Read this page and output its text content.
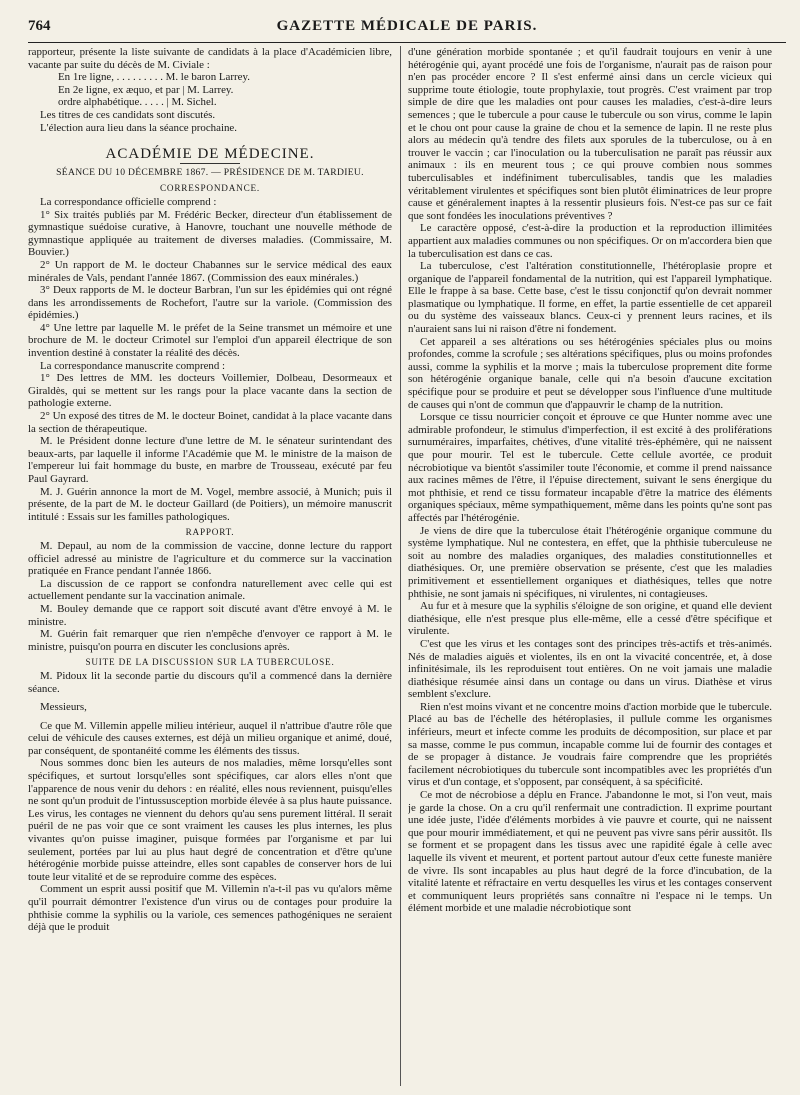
764	GAZETTE MÉDICALE DE PARIS.

rapporteur, présente la liste suivante de candidats à la place d'Académicien libre, vacante par suite du décès de M. Civiale :

En 1re ligne, . . . . . . . . . M. le baron Larrey.

En 2e ligne, ex æquo, et par | M. Larrey.

ordre alphabétique. . . . . | M. Sichel.

Les titres de ces candidats sont discutés.

L'élection aura lieu dans la séance prochaine.

ACADÉMIE DE MÉDECINE.
SÉANCE DU 10 DÉCEMBRE 1867. — PRÉSIDENCE DE M. TARDIEU.
CORRESPONDANCE.

La correspondance officielle comprend :

1° Six traités publiés par M. Frédéric Becker, directeur d'un établissement de gymnastique suédoise curative, à Hanovre, touchant une nouvelle méthode de gymnastique appliquée au traitement de diverses maladies. (Commissaire, M. Bouvier.)

2° Un rapport de M. le docteur Chabannes sur le service médical des eaux minérales de Vals, pendant l'année 1867. (Commission des eaux minérales.)

3° Deux rapports de M. le docteur Barbran, l'un sur les épidémies qui ont régné dans les arrondissements de Rochefort, l'autre sur la variole. (Commission des épidémies.)

4° Une lettre par laquelle M. le préfet de la Seine transmet un mémoire et une brochure de M. le docteur Crimotel sur l'emploi d'un appareil électrique de son invention destiné à constater la réalité des décès.

La correspondance manuscrite comprend :

1° Des lettres de MM. les docteurs Voillemier, Dolbeau, Desormeaux et Giraldès, qui se mettent sur les rangs pour la place vacante dans la section de pathologie externe.

2° Un exposé des titres de M. le docteur Boinet, candidat à la place vacante dans la section de thérapeutique.

M. le Président donne lecture d'une lettre de M. le sénateur surintendant des beaux-arts, par laquelle il informe l'Académie que M. le ministre de la maison de l'empereur lui fait hommage du buste, en marbre de Trousseau, exécuté par feu Paul Gayrard.

M. J. Guérin annonce la mort de M. Vogel, membre associé, à Munich; puis il présente, de la part de M. le docteur Gaillard (de Poitiers), un mémoire manuscrit intitulé : Essais sur les familles pathologiques.

RAPPORT.

M. Depaul, au nom de la commission de vaccine, donne lecture du rapport officiel adressé au ministre de l'agriculture et du commerce sur la vaccination pratiquée en France pendant l'année 1866.

La discussion de ce rapport se confondra naturellement avec celle qui est actuellement pendante sur la vaccination animale.

M. Bouley demande que ce rapport soit discuté avant d'être envoyé à M. le ministre.

M. Guérin fait remarquer que rien n'empêche d'envoyer ce rapport à M. le ministre, puisqu'on pourra en discuter les conclusions après.

SUITE DE LA DISCUSSION SUR LA TUBERCULOSE.

M. Pidoux lit la seconde partie du discours qu'il a commencé dans la dernière séance.

Messieurs,

Ce que M. Villemin appelle milieu intérieur, auquel il n'attribue d'autre rôle que celui de véhicule des causes externes, est déjà un milieu organique et animé, doué, par conséquent, de spontanéité comme les éléments des tissus.

Nous sommes donc bien les auteurs de nos maladies, même lorsqu'elles sont spécifiques, et surtout lorsqu'elles sont spécifiques, car alors elles n'ont que l'apparence de nous venir du dehors : en réalité, elles nous reviennent, puisqu'elles ne sont qu'un produit de l'intussusception morbide élevée à sa plus haute puissance. Les virus, les contages ne viennent du dehors qu'au sens purement littéral. Il serait puéril de ne pas voir que ce sont vraiment les causes les plus internes, les plus vivantes qu'on puisse imaginer, puisque formées par l'organisme et par lui seulement, portées par lui au plus haut degré de concentration et d'être qu'une hétérogénie morbide puisse atteindre, elles sont capables de conserver hors de lui toute leur vitalité et de se reproduire comme des espèces.

Comment un esprit aussi positif que M. Villemin n'a-t-il pas vu qu'alors même qu'il pourrait démontrer l'existence d'un virus ou de contages pour produire la phthisie comme la syphilis ou la variole, ces semences pathogéniques ne seraient déjà que le produit

d'une génération morbide spontanée ; et qu'il faudrait toujours en venir à une hétérogénie qui, ayant procédé une fois de l'organisme, n'aurait pas de raison pour n'en pas procéder encore ? Il s'est enfermé ainsi dans un cercle vicieux qui supprime toute étiologie, toute prophylaxie, tout progrès. C'est vraiment par trop simple de dire que les maladies ont pour causes les maladies, c'est-à-dire leurs semences ; que le tubercule a pour cause le tubercule ou son virus, comme le lapin et le chou ont pour cause la graine de chou et la semence de lapin. Il ne reste plus alors au médecin qu'à tendre des filets aux sporules de la tuberculose, ou à en trouver le vaccin ; car l'inoculation ou la tuberculisation ne paraît pas réussir aux animaux : ils en meurent tous ; ce qui prouve combien nous sommes tuberculisables et indéfiniment tuberculisables, tandis que les maladies véritablement virulentes et spécifiques sont bien plutôt éliminatrices de leur propre cause et généralement inaptes à la ressentir plusieurs fois. N'est-ce pas sur ce fait que sont fondées les inoculations préventives ?

Le caractère opposé, c'est-à-dire la production et la reproduction illimitées appartient aux maladies communes ou non spécifiques. Or on m'accordera bien que la tuberculisation est dans ce cas.

La tuberculose, c'est l'altération constitutionnelle, l'hétéroplasie propre et organique de l'appareil fondamental de la nutrition, qui est l'appareil lymphatique. Elle le frappe à sa base. Cette base, c'est le tissu conjonctif qu'on devrait nommer plasmatique ou lymphatique. Il forme, en effet, la partie essentielle de cet appareil ou du système des vaisseaux blancs. Ceux-ci y prennent leurs racines, et ils n'auraient sans lui ni raison d'être ni fondement.

Cet appareil a ses altérations ou ses hétérogénies spéciales plus ou moins profondes, comme la scrofule ; ses altérations spécifiques, plus ou moins profondes aussi, comme la syphilis et la morve ; mais la tuberculose proprement dite forme son hétérogénie organique banale, celle qui n'a besoin d'aucune excitation spécifique pour se produire et peut se développer sous l'influence d'une multitude de causes qui n'ont de commun que d'appauvrir le champ de la nutrition.

Lorsque ce tissu nourricier conçoit et éprouve ce que Hunter nomme avec une admirable profondeur, le stimulus d'imperfection, il est excité à des proliférations surnuméraires, imparfaites, chétives, d'une vitalité très-éphémère, qui ne naissent que pour mourir. Tel est le tubercule. Cette cellule avortée, ce produit nécrobiotique va bientôt s'assimiler toute l'économie, et comme il prend naissance aux racines mêmes de l'être, il l'épuise directement, suivant le sens énergique du mot phthisie, et rend ce tissu formateur incapable d'être la matrice des éléments organiques spéciaux, même sympathiquement, même dans les points qu'ne sont pas affectés par l'hétérogénie.

Je viens de dire que la tuberculose était l'hétérogénie organique commune du système lymphatique. Nul ne contestera, en effet, que la phthisie tuberculeuse ne soit au nombre des maladies organiques, des maladies constitutionnelles et diathésiques. Or, une première observation se présente, c'est que les maladies primitivement et essentiellement organiques et diathésiques, telles que notre phthisie, ne sont jamais ni spécifiques, ni virulentes, ni contagieuses.

Au fur et à mesure que la syphilis s'éloigne de son origine, et quand elle devient diathésique, elle n'est presque plus elle-même, elle a cessé d'être spécifique et virulente.

C'est que les virus et les contages sont des principes très-actifs et très-animés. Nés de maladies aiguës et violentes, ils en ont la vivacité concentrée, et, à dose infinitésimale, ils les reproduisent tout entières. On ne voit jamais une maladie diathésique résumée ainsi dans un contage ou dans un virus. Diathèse et virus semblent s'exclure.

Rien n'est moins vivant et ne concentre moins d'action morbide que le tubercule. Placé au bas de l'échelle des hétéroplasies, il pullule comme les organismes inférieurs, meurt et infecte comme les produits de décomposition, sur place et par sa masse, comme le pus commun, incapable comme lui de fournir des contages et de se propager à distance. Je voudrais faire comprendre que les propriétés facilement nécrobiotiques du tubercule sont incompatibles avec les propriétés d'un virus et d'un contage, et s'opposent, par conséquent, à sa spécificité.

Ce mot de nécrobiose a déplu en France. J'abandonne le mot, si l'on veut, mais je garde la chose. On a cru qu'il renfermait une contradiction. Il exprime pourtant une idée juste, l'idée d'éléments morbides à vie pauvre et courte, qui ne naissent que pour mourir immédiatement, et qui ne peuvent pas vivre sans périr aussitôt. Ils se forment et se propagent dans les tissus avec une rapidité égale à celle avec laquelle ils vivent et meurent, et portent partout autour d'eux cette funeste manière de vivre. Ils sont incapables au plus haut degré de la force d'incubation, de la vitalité latente et réfractaire en vertu desquelles les virus et les contages conservent et communiquent leurs propriétés sans connaître ni l'espace ni le temps. Un élément morbide et une maladie nécrobiotique sont
